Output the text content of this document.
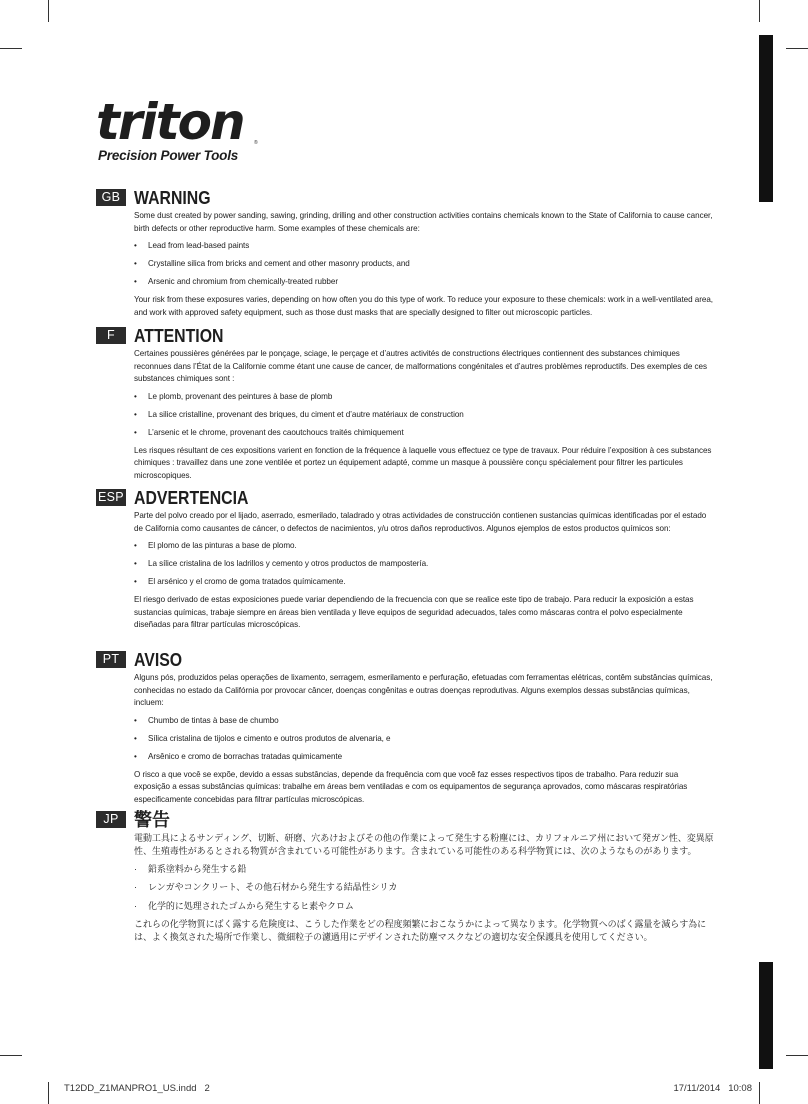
triton ®
Precision Power Tools
GB WARNING

Some dust created by power sanding, sawing, grinding, drilling and other construction activities contains chemicals known to the State of California to cause cancer, birth defects or other reproductive harm. Some examples of these chemicals are:

• Lead from lead-based paints
• Crystalline silica from bricks and cement and other masonry products, and
• Arsenic and chromium from chemically-treated rubber

Your risk from these exposures varies, depending on how often you do this type of work. To reduce your exposure to these chemicals: work in a well-ventilated area, and work with approved safety equipment, such as those dust masks that are specially designed to filter out microscopic particles.

F	ATTENTION

Certaines poussières générées par le ponçage, sciage, le perçage et d’autres activités de constructions électriques contiennent des substances chimiques reconnues dans l’État de la Californie comme étant une cause de cancer, de malformations congénitales et d’autres problèmes reproductifs. Des exemples de ces substances chimiques sont :

• Le plomb, provenant des peintures à base de plomb
• La silice cristalline, provenant des briques, du ciment et d’autre matériaux de construction
• L’arsenic et le chrome, provenant des caoutchoucs traités chimiquement

Les risques résultant de ces expositions varient en fonction de la fréquence à laquelle vous effectuez ce type de travaux. Pour réduire l’exposition à ces substances chimiques : travaillez dans une zone ventilée et portez un équipement adapté, comme un masque à poussière conçu spécialement pour filtrer les particules microscopiques.

ESP ADVERTENCIA

Parte del polvo creado por el lijado, aserrado, esmerilado, taladrado y otras actividades de construcción contienen sustancias químicas identificadas por el estado de California como causantes de cáncer, o defectos de nacimientos, y/u otros daños reproductivos. Algunos ejemplos de estos productos químicos son:

• El plomo de las pinturas a base de plomo.
• La sílice cristalina de los ladrillos y cemento y otros productos de mampostería.
• El arsénico y el cromo de goma tratados químicamente.

El riesgo derivado de estas exposiciones puede variar dependiendo de la frecuencia con que se realice este tipo de trabajo. Para reducir la exposición a estas sustancias químicas, trabaje siempre en áreas bien ventilada y lleve equipos de seguridad adecuados, tales como máscaras contra el polvo especialmente diseñadas para filtrar partículas microscópicas.

PT AVISO

Alguns pós, produzidos pelas operações de lixamento, serragem, esmerilamento e perfuração, efetuadas com ferramentas elétricas, contêm substâncias químicas, conhecidas no estado da Califórnia por provocar câncer, doenças congênitas e outras doenças reprodutivas. Alguns exemplos dessas substâncias químicas, incluem:

• Chumbo de tintas à base de chumbo
• Sílica cristalina de tijolos e cimento e outros produtos de alvenaria, e
• Arsênico e cromo de borrachas tratadas quimicamente

O risco a que você se expõe, devido a essas substâncias, depende da frequência com que você faz esses respectivos tipos de trabalho. Para reduzir sua exposição a essas substâncias químicas: trabalhe em áreas bem ventiladas e com os equipamentos de segurança aprovados, como máscaras respiratórias especificamente concebidas para filtrar partículas microscópicas.

JP 警告

電動工具によるサンディング、切断、研磨、穴あけおよびその他の作業によって発生する粉塵には、カリフォルニア州において発ガン性、変異原性、生殖毒性があるとされる物質が含まれている可能性があります。含まれている可能性のある科学物質には、次のようなものがあります。

· 鉛系塗料から発生する鉛
· レンガやコンクリート、その他石材から発生する結晶性シリカ
· 化学的に処理されたゴムから発生するヒ素やクロム

これらの化学物質にばく露する危険度は、こうした作業をどの程度頻繁におこなうかによって異なります。化学物質へのばく露量を減らす為には、よく換気された場所で作業し、微細粒子の濾過用にデザインされた防塵マスクなどの適切な安全保護具を使用してください。

T12DD_Z1MANPRO1_US.indd   2	17/11/2014   10:08
